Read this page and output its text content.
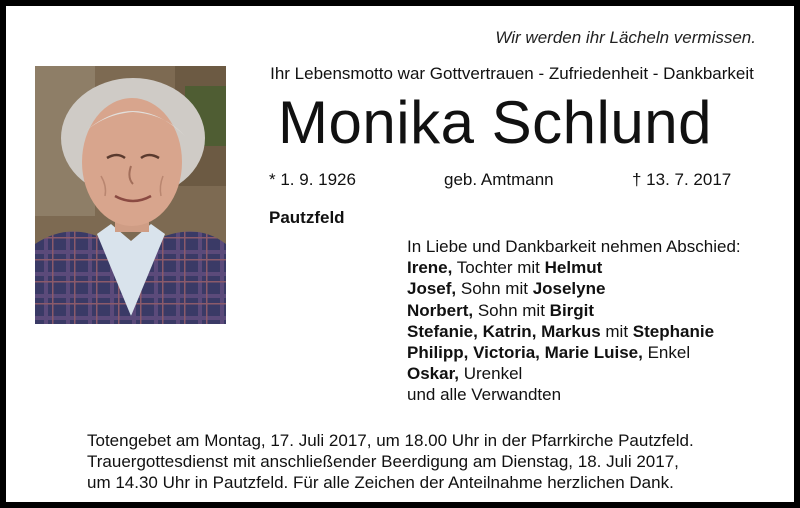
Wir werden ihr Lächeln vermissen.
Ihr Lebensmotto war Gottvertrauen - Zufriedenheit - Dankbarkeit
Monika Schlund
* 1. 9. 1926	geb. Amtmann	† 13. 7. 2017
Pautzfeld
In Liebe und Dankbarkeit nehmen Abschied:
Irene, Tochter mit Helmut
Josef, Sohn mit Joselyne
Norbert, Sohn mit Birgit
Stefanie, Katrin, Markus mit Stephanie
Philipp, Victoria, Marie Luise, Enkel
Oskar, Urenkel
und alle Verwandten
Totengebet am Montag, 17. Juli 2017, um 18.00 Uhr in der Pfarrkirche Pautzfeld.
Trauergottesdienst mit anschließender Beerdigung am Dienstag, 18. Juli 2017,
um 14.30 Uhr in Pautzfeld. Für alle Zeichen der Anteilnahme herzlichen Dank.
